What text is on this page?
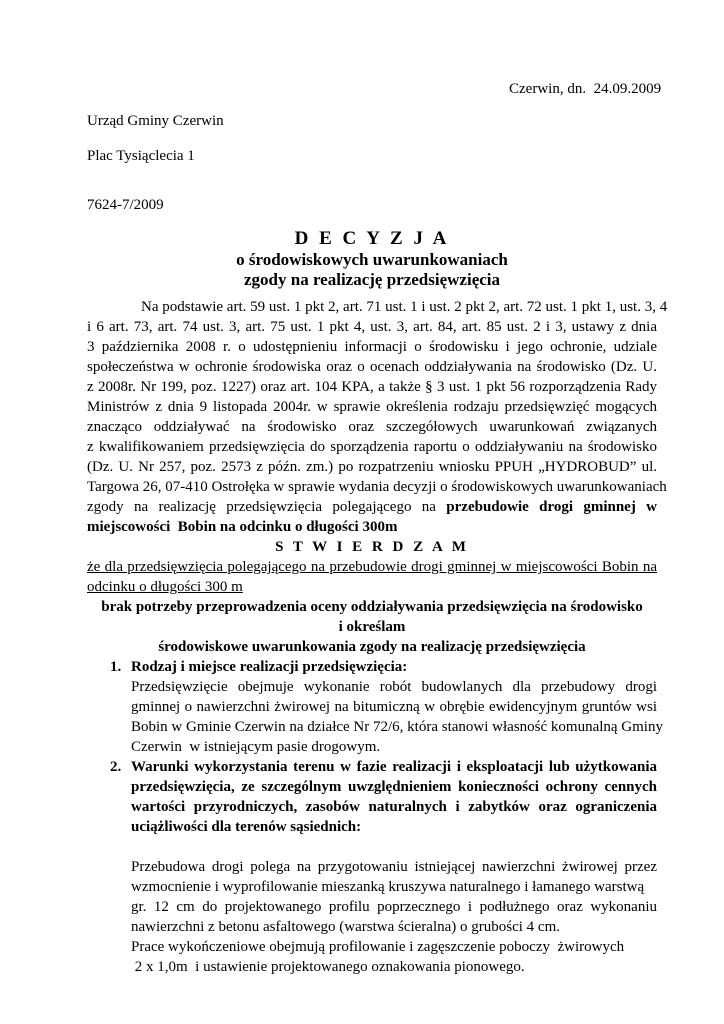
Czerwin, dn.  24.09.2009
Urząd Gminy Czerwin
Plac Tysiąclecia 1
7624-7/2009
D E C Y Z J A
o środowiskowych uwarunkowaniach
zgody na realizację przedsięwzięcia
Na podstawie art. 59 ust. 1 pkt 2, art. 71 ust. 1 i ust. 2 pkt 2, art. 72 ust. 1 pkt 1, ust. 3, 4
i 6 art. 73, art. 74 ust. 3, art. 75 ust. 1 pkt 4, ust. 3, art. 84, art. 85 ust. 2 i 3, ustawy z dnia
3 października 2008 r. o udostępnieniu informacji o środowisku i jego ochronie, udziale
społeczeństwa w ochronie środowiska oraz o ocenach oddziaływania na środowisko (Dz. U.
z 2008r. Nr 199, poz. 1227) oraz art. 104 KPA, a także § 3 ust. 1 pkt 56 rozporządzenia Rady
Ministrów z dnia 9 listopada 2004r. w sprawie określenia rodzaju przedsięwzięć mogących
znacząco oddziaływać na środowisko oraz szczegółowych uwarunkowań związanych
z kwalifikowaniem przedsięwzięcia do sporządzenia raportu o oddziaływaniu na środowisko
(Dz. U. Nr 257, poz. 2573 z późn. zm.) po rozpatrzeniu wniosku PPUH „HYDROBUD” ul.
Targowa 26, 07-410 Ostrołęka w sprawie wydania decyzji o środowiskowych uwarunkowaniach
zgody na realizację przedsięwzięcia polegającego na przebudowie drogi gminnej w
miejscowości  Bobin na odcinku o długości 300m
S T W I E R D Z A M
że dla przedsięwzięcia polegającego na przebudowie drogi gminnej w miejscowości Bobin na
odcinku o długości 300 m
brak potrzeby przeprowadzenia oceny oddziaływania przedsięwzięcia na środowisko
i określam
środowiskowe uwarunkowania zgody na realizację przedsięwzięcia
1. Rodzaj i miejsce realizacji przedsięwzięcia:
Przedsięwzięcie obejmuje wykonanie robót budowlanych dla przebudowy drogi
gminnej o nawierzchni żwirowej na bitumiczną w obrębie ewidencyjnym gruntów wsi
Bobin w Gminie Czerwin na działce Nr 72/6, która stanowi własność komunalną Gminy
Czerwin  w istniejącym pasie drogowym.
2. Warunki wykorzystania terenu w fazie realizacji i eksploatacji lub użytkowania
przedsięwzięcia, ze szczególnym uwzględnieniem konieczności ochrony cennych
wartości przyrodniczych, zasobów naturalnych i zabytków oraz ograniczenia
uciążliwości dla terenów sąsiednich:
Przebudowa drogi polega na przygotowaniu istniejącej nawierzchni żwirowej przez
wzmocnienie i wyprofilowanie mieszanką kruszywa naturalnego i łamanego warstwą
gr. 12 cm do projektowanego profilu poprzecznego i podłużnego oraz wykonaniu
nawierzchni z betonu asfaltowego (warstwa ścieralna) o grubości 4 cm.
Prace wykończeniowe obejmują profilowanie i zagęszczenie poboczy  żwirowych
2 x 1,0m  i ustawienie projektowanego oznakowania pionowego.
